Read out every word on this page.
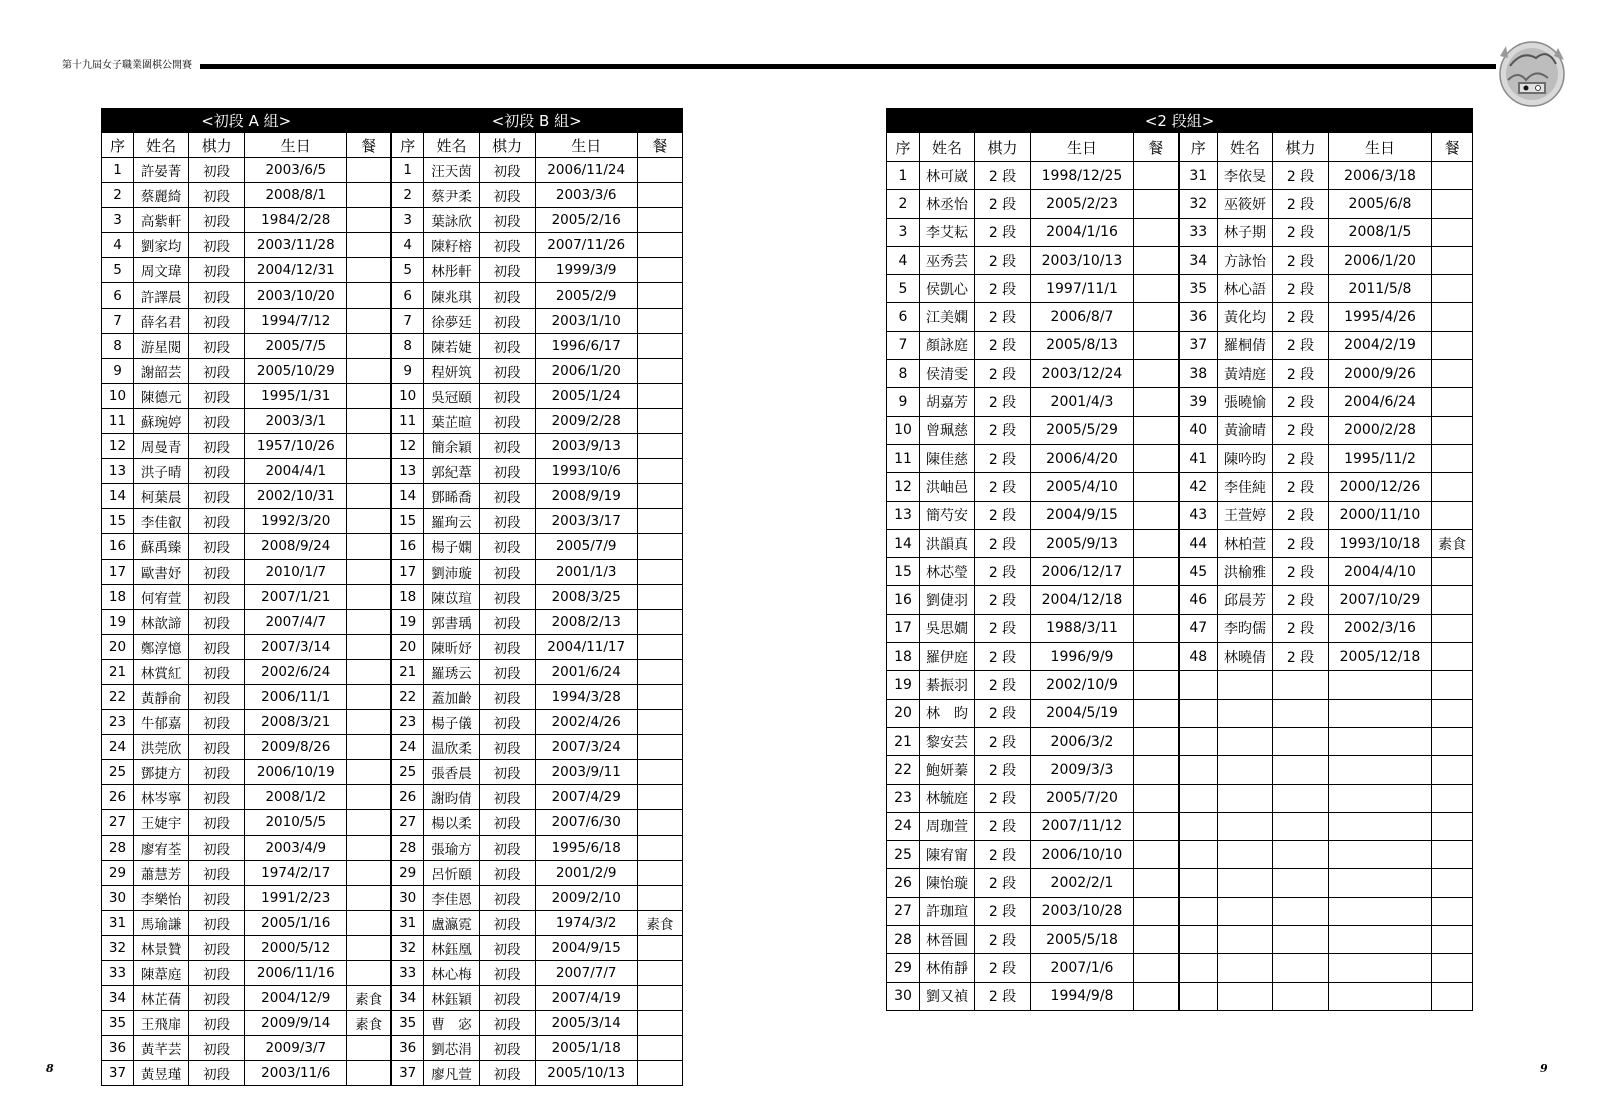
第十九屆女子職業圍棋公開賽
<初段 A 組>					<初段 B 組>				
序	姓名	棋力	生日	餐	序	姓名	棋力	生日	餐
1	許晏菁	初段	2003/6/5		1	汪天茵	初段	2006/11/24	
2	蔡麗綺	初段	2008/8/1		2	蔡尹柔	初段	2003/3/6	
3	高紫軒	初段	1984/2/28		3	葉詠欣	初段	2005/2/16	
4	劉家均	初段	2003/11/28		4	陳籽榕	初段	2007/11/26	
5	周文瑋	初段	2004/12/31		5	林彤軒	初段	1999/3/9	
6	許譯晨	初段	2003/10/20		6	陳兆琪	初段	2005/2/9	
7	薛名君	初段	1994/7/12		7	徐夢廷	初段	2003/1/10	
8	游星閱	初段	2005/7/5		8	陳若婕	初段	1996/6/17	
9	謝韶芸	初段	2005/10/29		9	程妍筑	初段	2006/1/20	
10	陳德元	初段	1995/1/31		10	吳冠頤	初段	2005/1/24	
11	蘇琬婷	初段	2003/3/1		11	葉芷暄	初段	2009/2/28	
12	周曼青	初段	1957/10/26		12	簡余穎	初段	2003/9/13	
13	洪子晴	初段	2004/4/1		13	郭紀葦	初段	1993/10/6	
14	柯葉晨	初段	2002/10/31		14	鄧睎喬	初段	2008/9/19	
15	李佳叡	初段	1992/3/20		15	羅珣云	初段	2003/3/17	
16	蘇禹臻	初段	2008/9/24		16	楊子嫻	初段	2005/7/9	
17	歐書妤	初段	2010/1/7		17	劉沛璇	初段	2001/1/3	
18	何宥萱	初段	2007/1/21		18	陳苡瑄	初段	2008/3/25	
19	林歆諦	初段	2007/4/7		19	郭書瑀	初段	2008/2/13	
20	鄭淳憶	初段	2007/3/14		20	陳昕妤	初段	2004/11/17	
21	林賞紅	初段	2002/6/24		21	羅琇云	初段	2001/6/24	
22	黃靜俞	初段	2006/11/1		22	蓋加齡	初段	1994/3/28	
23	牛郁嘉	初段	2008/3/21		23	楊子儀	初段	2002/4/26	
24	洪莞欣	初段	2009/8/26		24	温欣柔	初段	2007/3/24	
25	鄧捷方	初段	2006/10/19		25	張香晨	初段	2003/9/11	
26	林岑寧	初段	2008/1/2		26	謝昀倩	初段	2007/4/29	
27	王婕宇	初段	2010/5/5		27	楊以柔	初段	2007/6/30	
28	廖宥荃	初段	2003/4/9		28	張瑜方	初段	1995/6/18	
29	蕭慧芳	初段	1974/2/17		29	呂忻頤	初段	2001/2/9	
30	李樂怡	初段	1991/2/23		30	李佳恩	初段	2009/2/10	
31	馬瑜謙	初段	2005/1/16		31	盧瀛霓	初段	1974/3/2	素食
32	林景贊	初段	2000/5/12		32	林鈺凰	初段	2004/9/15	
33	陳葦庭	初段	2006/11/16		33	林心梅	初段	2007/7/7	
34	林芷蒨	初段	2004/12/9	素食	34	林鈺穎	初段	2007/4/19	
35	王飛扉	初段	2009/9/14	素食	35	曹　宓	初段	2005/3/14	
36	黃芊芸	初段	2009/3/7		36	劉芯涓	初段	2005/1/18	
37	黃昱瑾	初段	2003/11/6		37	廖凡萱	初段	2005/10/13	
<2 段組>									
序	姓名	棋力	生日	餐	序	姓名	棋力	生日	餐
1	林可崴	2 段	1998/12/25		31	李依旻	2 段	2006/3/18	
2	林丞怡	2 段	2005/2/23		32	巫筱妍	2 段	2005/6/8	
3	李艾耘	2 段	2004/1/16		33	林子期	2 段	2008/1/5	
4	巫秀芸	2 段	2003/10/13		34	方詠怡	2 段	2006/1/20	
5	侯凱心	2 段	1997/11/1		35	林心語	2 段	2011/5/8	
6	江美嫻	2 段	2006/8/7		36	黃化均	2 段	1995/4/26	
7	顏詠庭	2 段	2005/8/13		37	羅桐倩	2 段	2004/2/19	
8	侯清雯	2 段	2003/12/24		38	黃靖庭	2 段	2000/9/26	
9	胡嘉芳	2 段	2001/4/3		39	張曉愉	2 段	2004/6/24	
10	曾珮慈	2 段	2005/5/29		40	黃渝晴	2 段	2000/2/28	
11	陳佳慈	2 段	2006/4/20		41	陳吟昀	2 段	1995/11/2	
12	洪岫邑	2 段	2005/4/10		42	李佳純	2 段	2000/12/26	
13	簡芍安	2 段	2004/9/15		43	王萱婷	2 段	2000/11/10	
14	洪韻真	2 段	2005/9/13		44	林柏萱	2 段	1993/10/18	素食
15	林芯瑩	2 段	2006/12/17		45	洪榆雅	2 段	2004/4/10	
16	劉倢羽	2 段	2004/12/18		46	邱晨芳	2 段	2007/10/29	
17	吳思嫺	2 段	1988/3/11		47	李昀儒	2 段	2002/3/16	
18	羅伊庭	2 段	1996/9/9		48	林曉倩	2 段	2005/12/18	
19	綦振羽	2 段	2002/10/9						
20	林　昀	2 段	2004/5/19						
21	黎安芸	2 段	2006/3/2						
22	鮑妍蓁	2 段	2009/3/3						
23	林毓庭	2 段	2005/7/20						
24	周珈萱	2 段	2007/11/12						
25	陳宥甯	2 段	2006/10/10						
26	陳怡璇	2 段	2002/2/1						
27	許珈瑄	2 段	2003/10/28						
28	林晉圓	2 段	2005/5/18						
29	林侑靜	2 段	2007/1/6						
30	劉又禎	2 段	1994/9/8						
8	9
